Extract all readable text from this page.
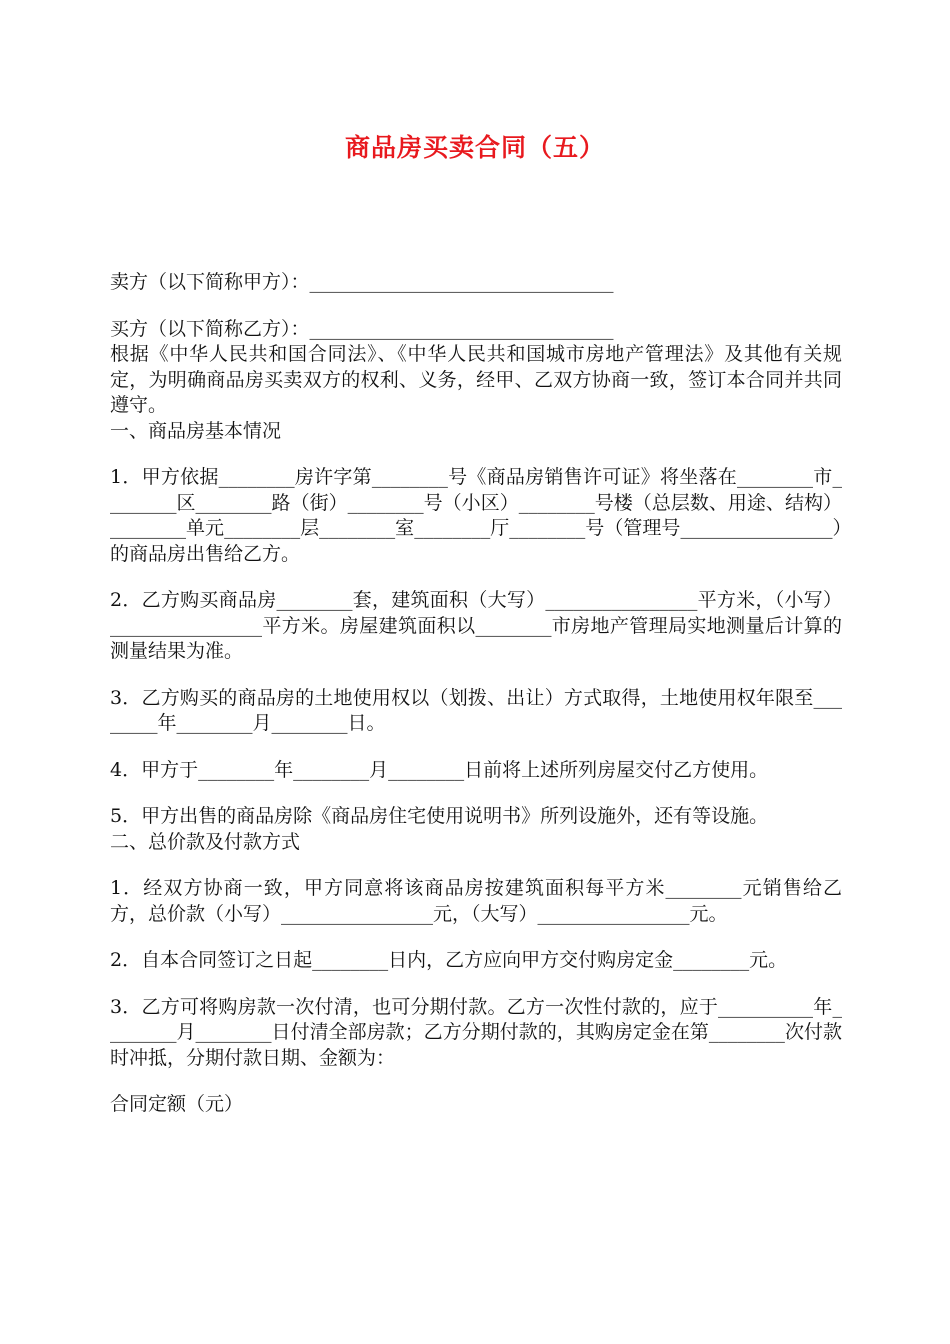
商品房买卖合同（五）

卖方（以下简称甲方）：________________________________

买方（以下简称乙方）：________________________________

根据《中华人民共和国合同法》、《中华人民共和国城市房地产管理法》及其他有关规定，为明确商品房买卖双方的权利、义务，经甲、乙双方协商一致，签订本合同并共同遵守。

一、商品房基本情况

1．甲方依据________房许字第________号《商品房销售许可证》将坐落在________市________区________路（街）________号（小区）________号楼（总层数、用途、结构）________单元________层________室________厅________号（管理号________________）的商品房出售给乙方。

2．乙方购买商品房________套，建筑面积（大写）________________平方米，（小写）________________平方米。房屋建筑面积以________市房地产管理局实地测量后计算的测量结果为准。

3．乙方购买的商品房的土地使用权以（划拨、出让）方式取得，土地使用权年限至________年________月________日。

4．甲方于________年________月________日前将上述所列房屋交付乙方使用。

5．甲方出售的商品房除《商品房住宅使用说明书》所列设施外，还有等设施。

二、总价款及付款方式

1．经双方协商一致，甲方同意将该商品房按建筑面积每平方米________元销售给乙方，总价款（小写）________________元，（大写）________________元。

2．自本合同签订之日起________日内，乙方应向甲方交付购房定金________元。

3．乙方可将购房款一次付清，也可分期付款。乙方一次性付款的，应于__________年________月________日付清全部房款；乙方分期付款的，其购房定金在第________次付款时冲抵，分期付款日期、金额为：

合同定额（元）
